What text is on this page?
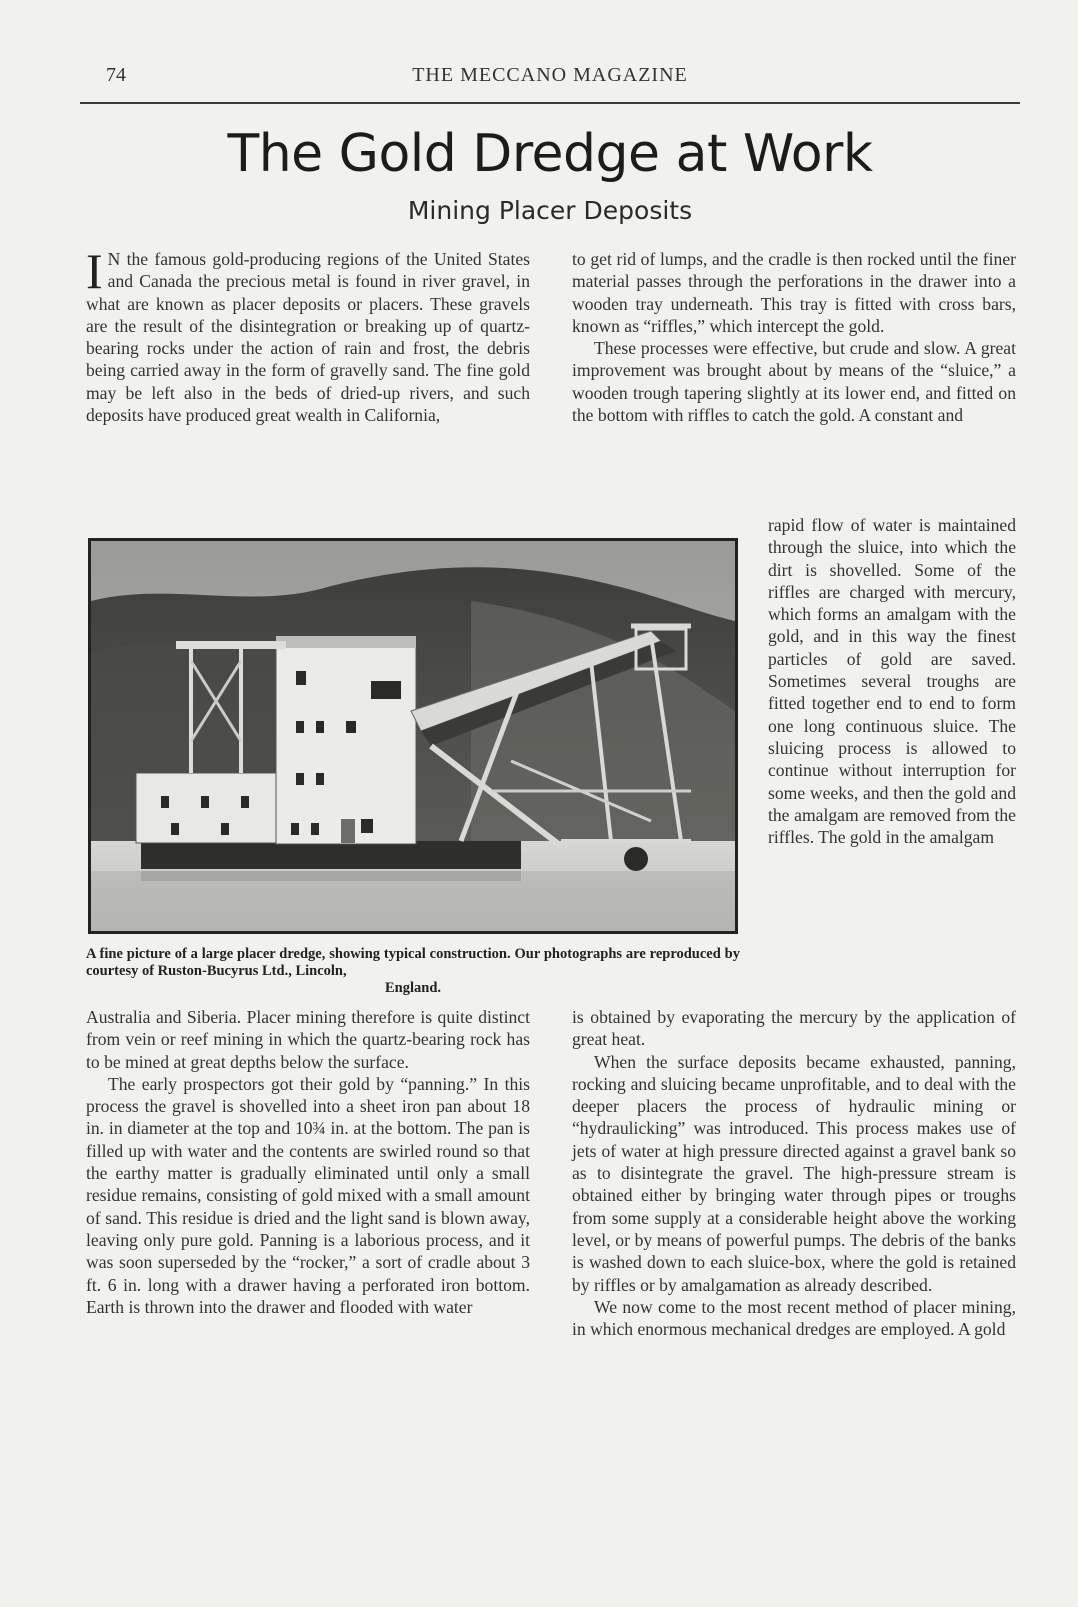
74	THE MECCANO MAGAZINE
The Gold Dredge at Work
Mining Placer Deposits

I N the famous gold-producing regions of the United States and Canada the precious metal is found in river gravel, in what are known as placer deposits or placers. These gravels are the result of the disintegration or breaking up of quartz-bearing rocks under the action of rain and frost, the debris being carried away in the form of gravelly sand. The fine gold may be left also in the beds of dried-up rivers, and such deposits have produced great wealth in California,

to get rid of lumps, and the cradle is then rocked until the finer material passes through the perforations in the drawer into a wooden tray underneath. This tray is fitted with cross bars, known as “riffles,” which intercept the gold.

These processes were effective, but crude and slow. A great improvement was brought about by means of the “sluice,” a wooden trough tapering slightly at its lower end, and fitted on the bottom with riffles to catch the gold. A constant and

rapid flow of water is maintained through the sluice, into which the dirt is shovelled. Some of the riffles are charged with mercury, which forms an amalgam with the gold, and in this way the finest particles of gold are saved. Sometimes several troughs are fitted together end to end to form one long continuous sluice. The sluicing process is allowed to continue without interruption for some weeks, and then the gold and the amalgam are removed from the riffles. The gold in the amalgam

A fine picture of a large placer dredge, showing typical construction. Our photographs are reproduced by courtesy of Ruston-Bucyrus Ltd., Lincoln,

England.

Australia and Siberia. Placer mining therefore is quite distinct from vein or reef mining in which the quartz-bearing rock has to be mined at great depths below the surface.

The early prospectors got their gold by “panning.” In this process the gravel is shovelled into a sheet iron pan about 18 in. in diameter at the top and 10¾ in. at the bottom. The pan is filled up with water and the contents are swirled round so that the earthy matter is gradually eliminated until only a small residue remains, consisting of gold mixed with a small amount of sand. This residue is dried and the light sand is blown away, leaving only pure gold. Panning is a laborious process, and it was soon superseded by the “rocker,” a sort of cradle about 3 ft. 6 in. long with a drawer having a perforated iron bottom. Earth is thrown into the drawer and flooded with water

is obtained by evaporating the mercury by the application of great heat.

When the surface deposits became exhausted, panning, rocking and sluicing became unprofitable, and to deal with the deeper placers the process of hydraulic mining or “hydraulicking” was introduced. This process makes use of jets of water at high pressure directed against a gravel bank so as to disintegrate the gravel. The high-pressure stream is obtained either by bringing water through pipes or troughs from some supply at a considerable height above the working level, or by means of powerful pumps. The debris of the banks is washed down to each sluice-box, where the gold is retained by riffles or by amalgamation as already described.

We now come to the most recent method of placer mining, in which enormous mechanical dredges are employed. A gold
